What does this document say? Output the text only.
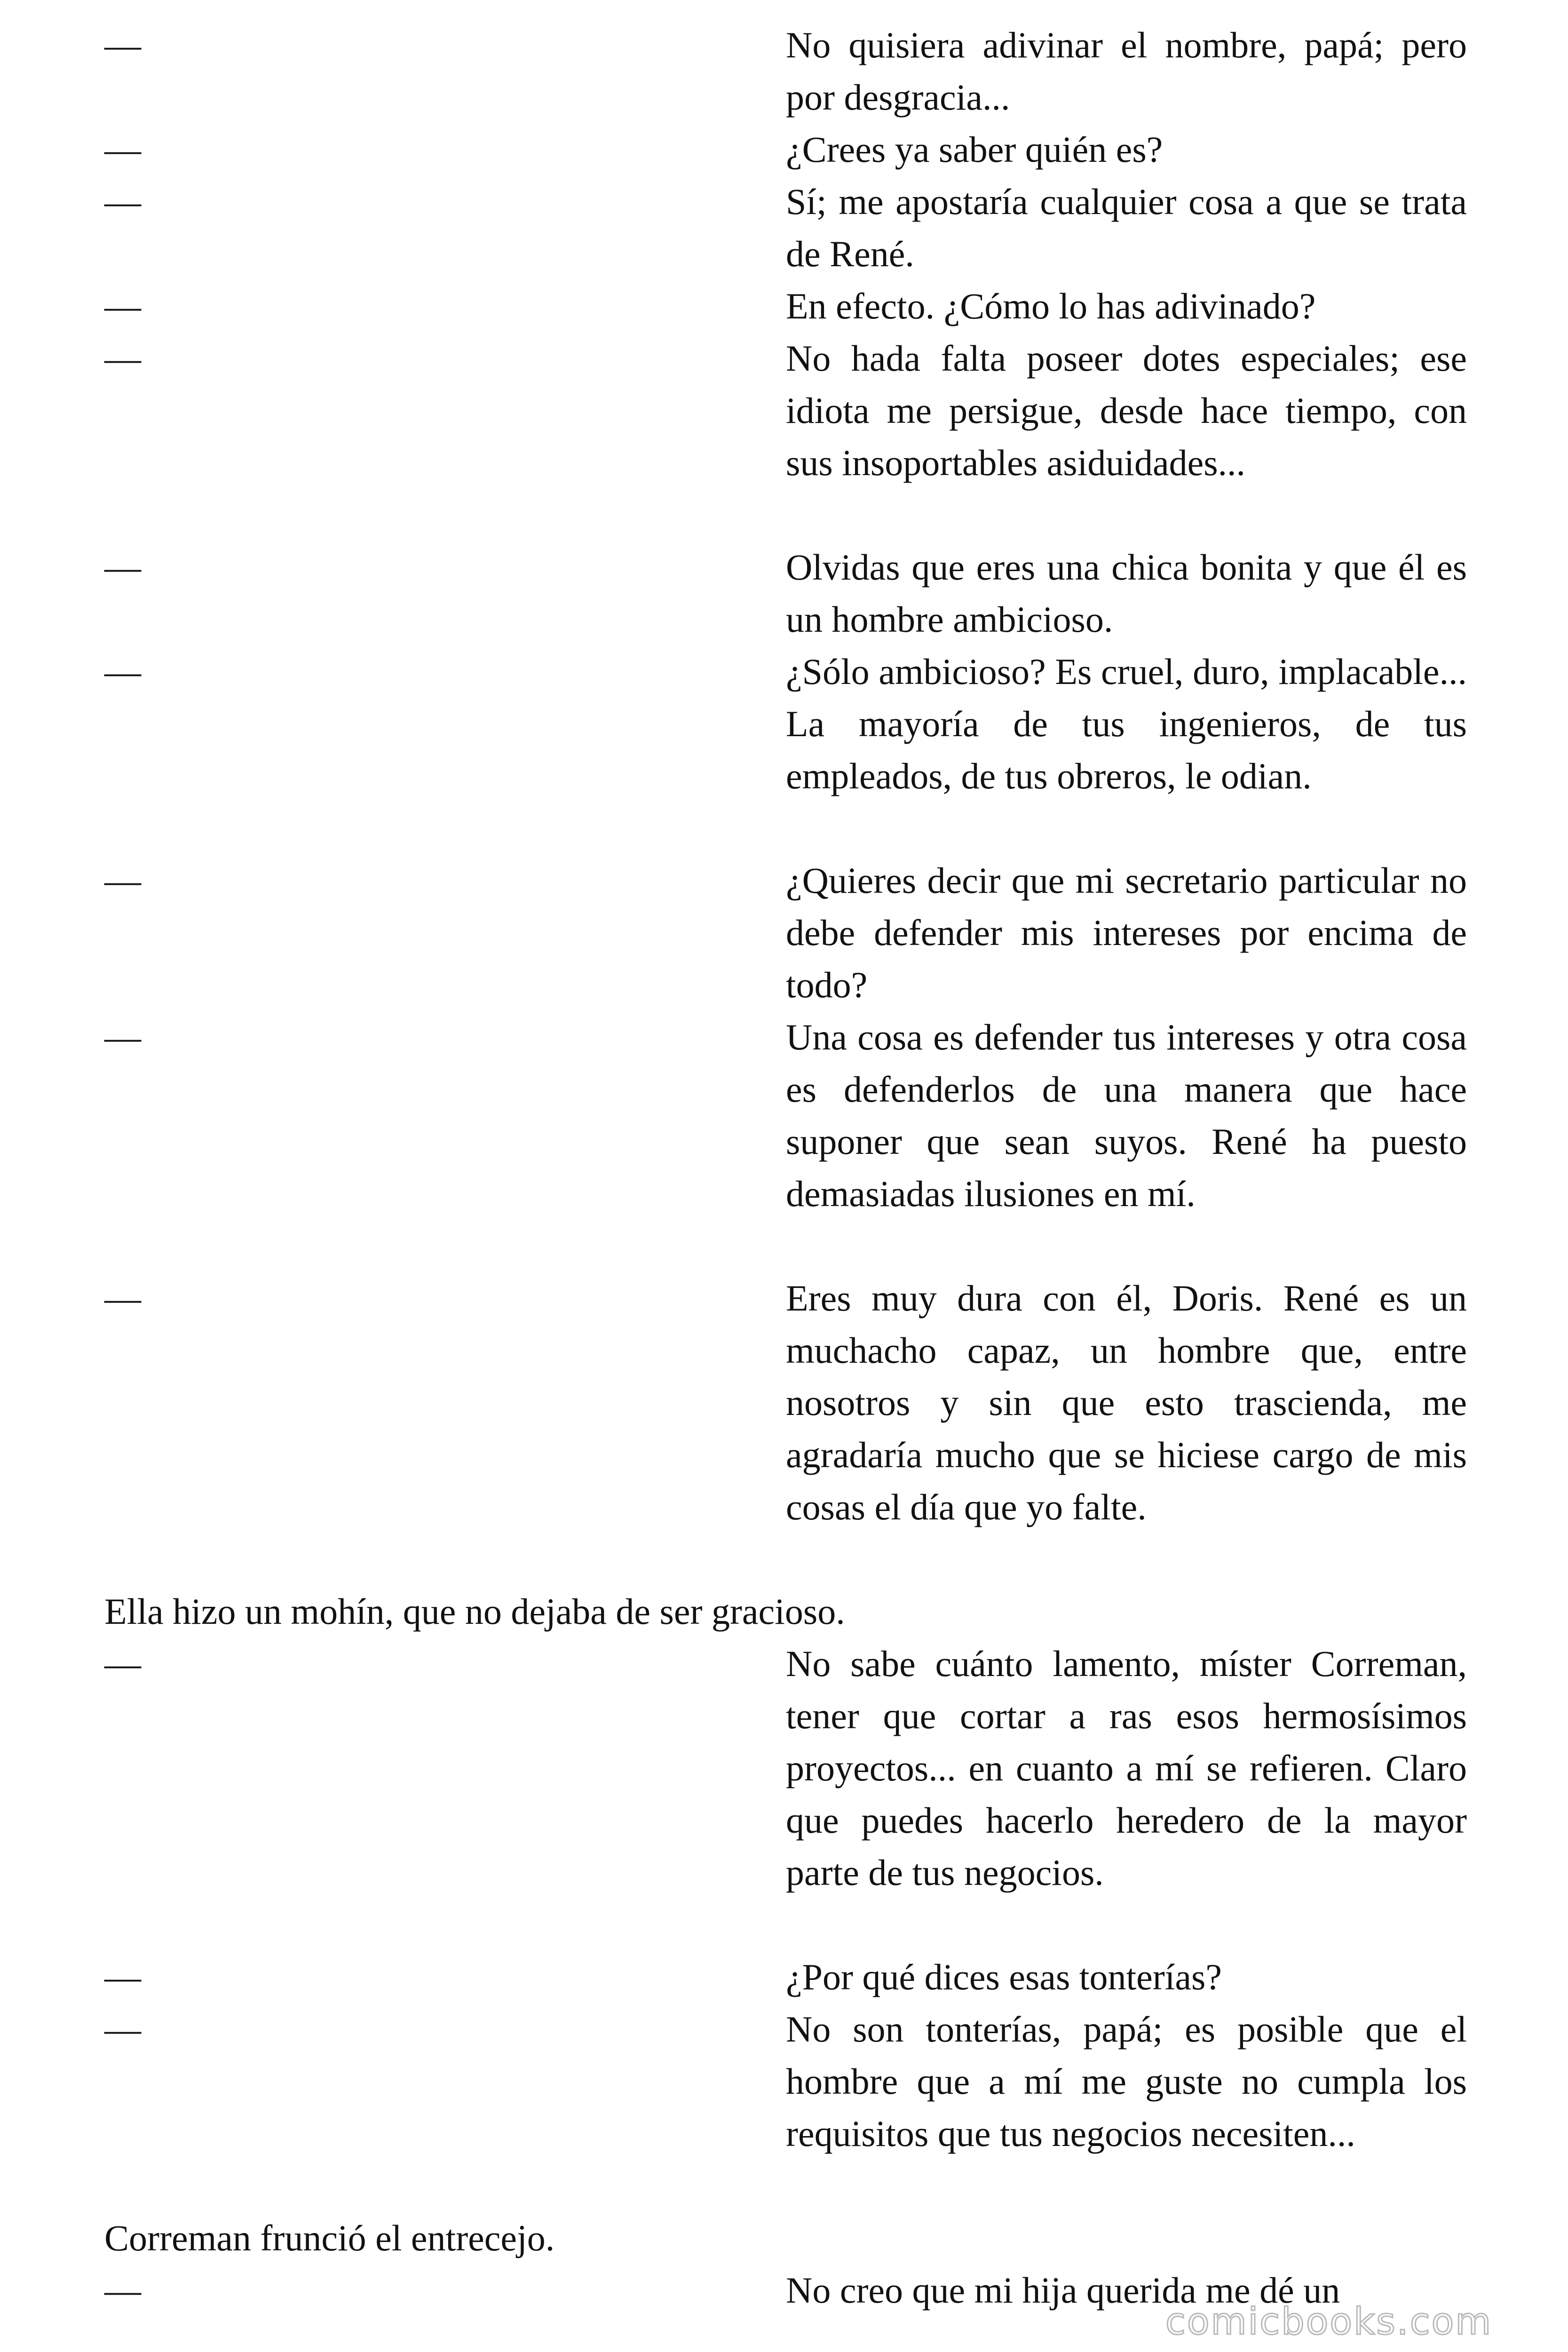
—	No quisiera adivinar el nombre, papá; pero por desgracia...
—	¿Crees ya saber quién es?
—	Sí; me apostaría cualquier cosa a que se trata de René.
—	En efecto. ¿Cómo lo has adivinado?
—	No hada falta poseer dotes especiales; ese idiota me persigue, desde hace tiempo, con sus insoportables asiduidades...
—	Olvidas que eres una chica bonita y que él es un hombre ambicioso.
—	¿Sólo ambicioso? Es cruel, duro, implacable... La mayoría de tus ingenieros, de tus empleados, de tus obreros, le odian.
—	¿Quieres decir que mi secretario particular no debe defender mis intereses por encima de todo?
—	Una cosa es defender tus intereses y otra cosa es defenderlos de una manera que hace suponer que sean suyos. René ha puesto demasiadas ilusiones en mí.
—	Eres muy dura con él, Doris. René es un muchacho capaz, un hombre que, entre nosotros y sin que esto trascienda, me agradaría mucho que se hiciese cargo de mis cosas el día que yo falte.
Ella hizo un mohín, que no dejaba de ser gracioso.
—	No sabe cuánto lamento, míster Correman, tener que cortar a ras esos hermosísimos proyectos... en cuanto a mí se refieren. Claro que puedes hacerlo heredero de la mayor parte de tus negocios.
—	¿Por qué dices esas tonterías?
—	No son tonterías, papá; es posible que el hombre que a mí me guste no cumpla los requisitos que tus negocios necesiten...
Correman frunció el entrecejo.
—	No creo que mi hija querida me dé un
comicbooks.com
